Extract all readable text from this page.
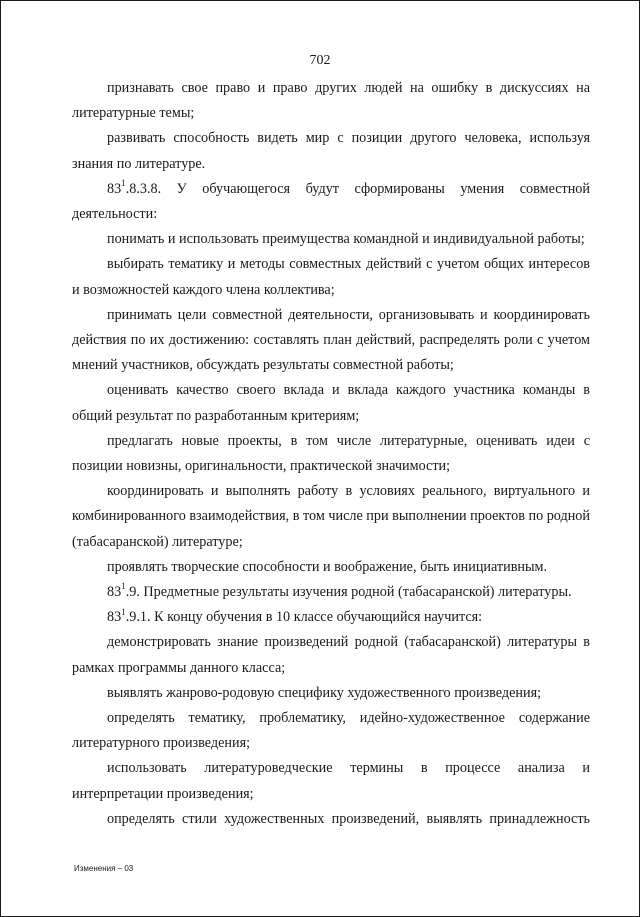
702

признавать свое право и право других людей на ошибку в дискуссиях на литературные темы;

развивать способность видеть мир с позиции другого человека, используя знания по литературе.

$83^1.8.3.8$. У обучающегося будут сформированы умения совместной деятельности:

понимать и использовать преимущества командной и индивидуальной работы;

выбирать тематику и методы совместных действий с учетом общих интересов и возможностей каждого члена коллектива;

принимать цели совместной деятельности, организовывать и координировать действия по их достижению: составлять план действий, распределять роли с учетом мнений участников, обсуждать результаты совместной работы;

оценивать качество своего вклада и вклада каждого участника команды в общий результат по разработанным критериям;

предлагать новые проекты, в том числе литературные, оценивать идеи с позиции новизны, оригинальности, практической значимости;

координировать и выполнять работу в условиях реального, виртуального и комбинированного взаимодействия, в том числе при выполнении проектов по родной (табасаранской) литературе;

проявлять творческие способности и воображение, быть инициативным.

$83^1.9$. Предметные результаты изучения родной (табасаранской) литературы.

$83^1.9.1$. К концу обучения в 10 классе обучающийся научится:

демонстрировать знание произведений родной (табасаранской) литературы в рамках программы данного класса;

выявлять жанрово-родовую специфику художественного произведения;

определять тематику, проблематику, идейно-художественное содержание литературного произведения;

использовать литературоведческие термины в процессе анализа и интерпретации произведения;

определять стили художественных произведений, выявлять принадлежность

Изменения – 03
